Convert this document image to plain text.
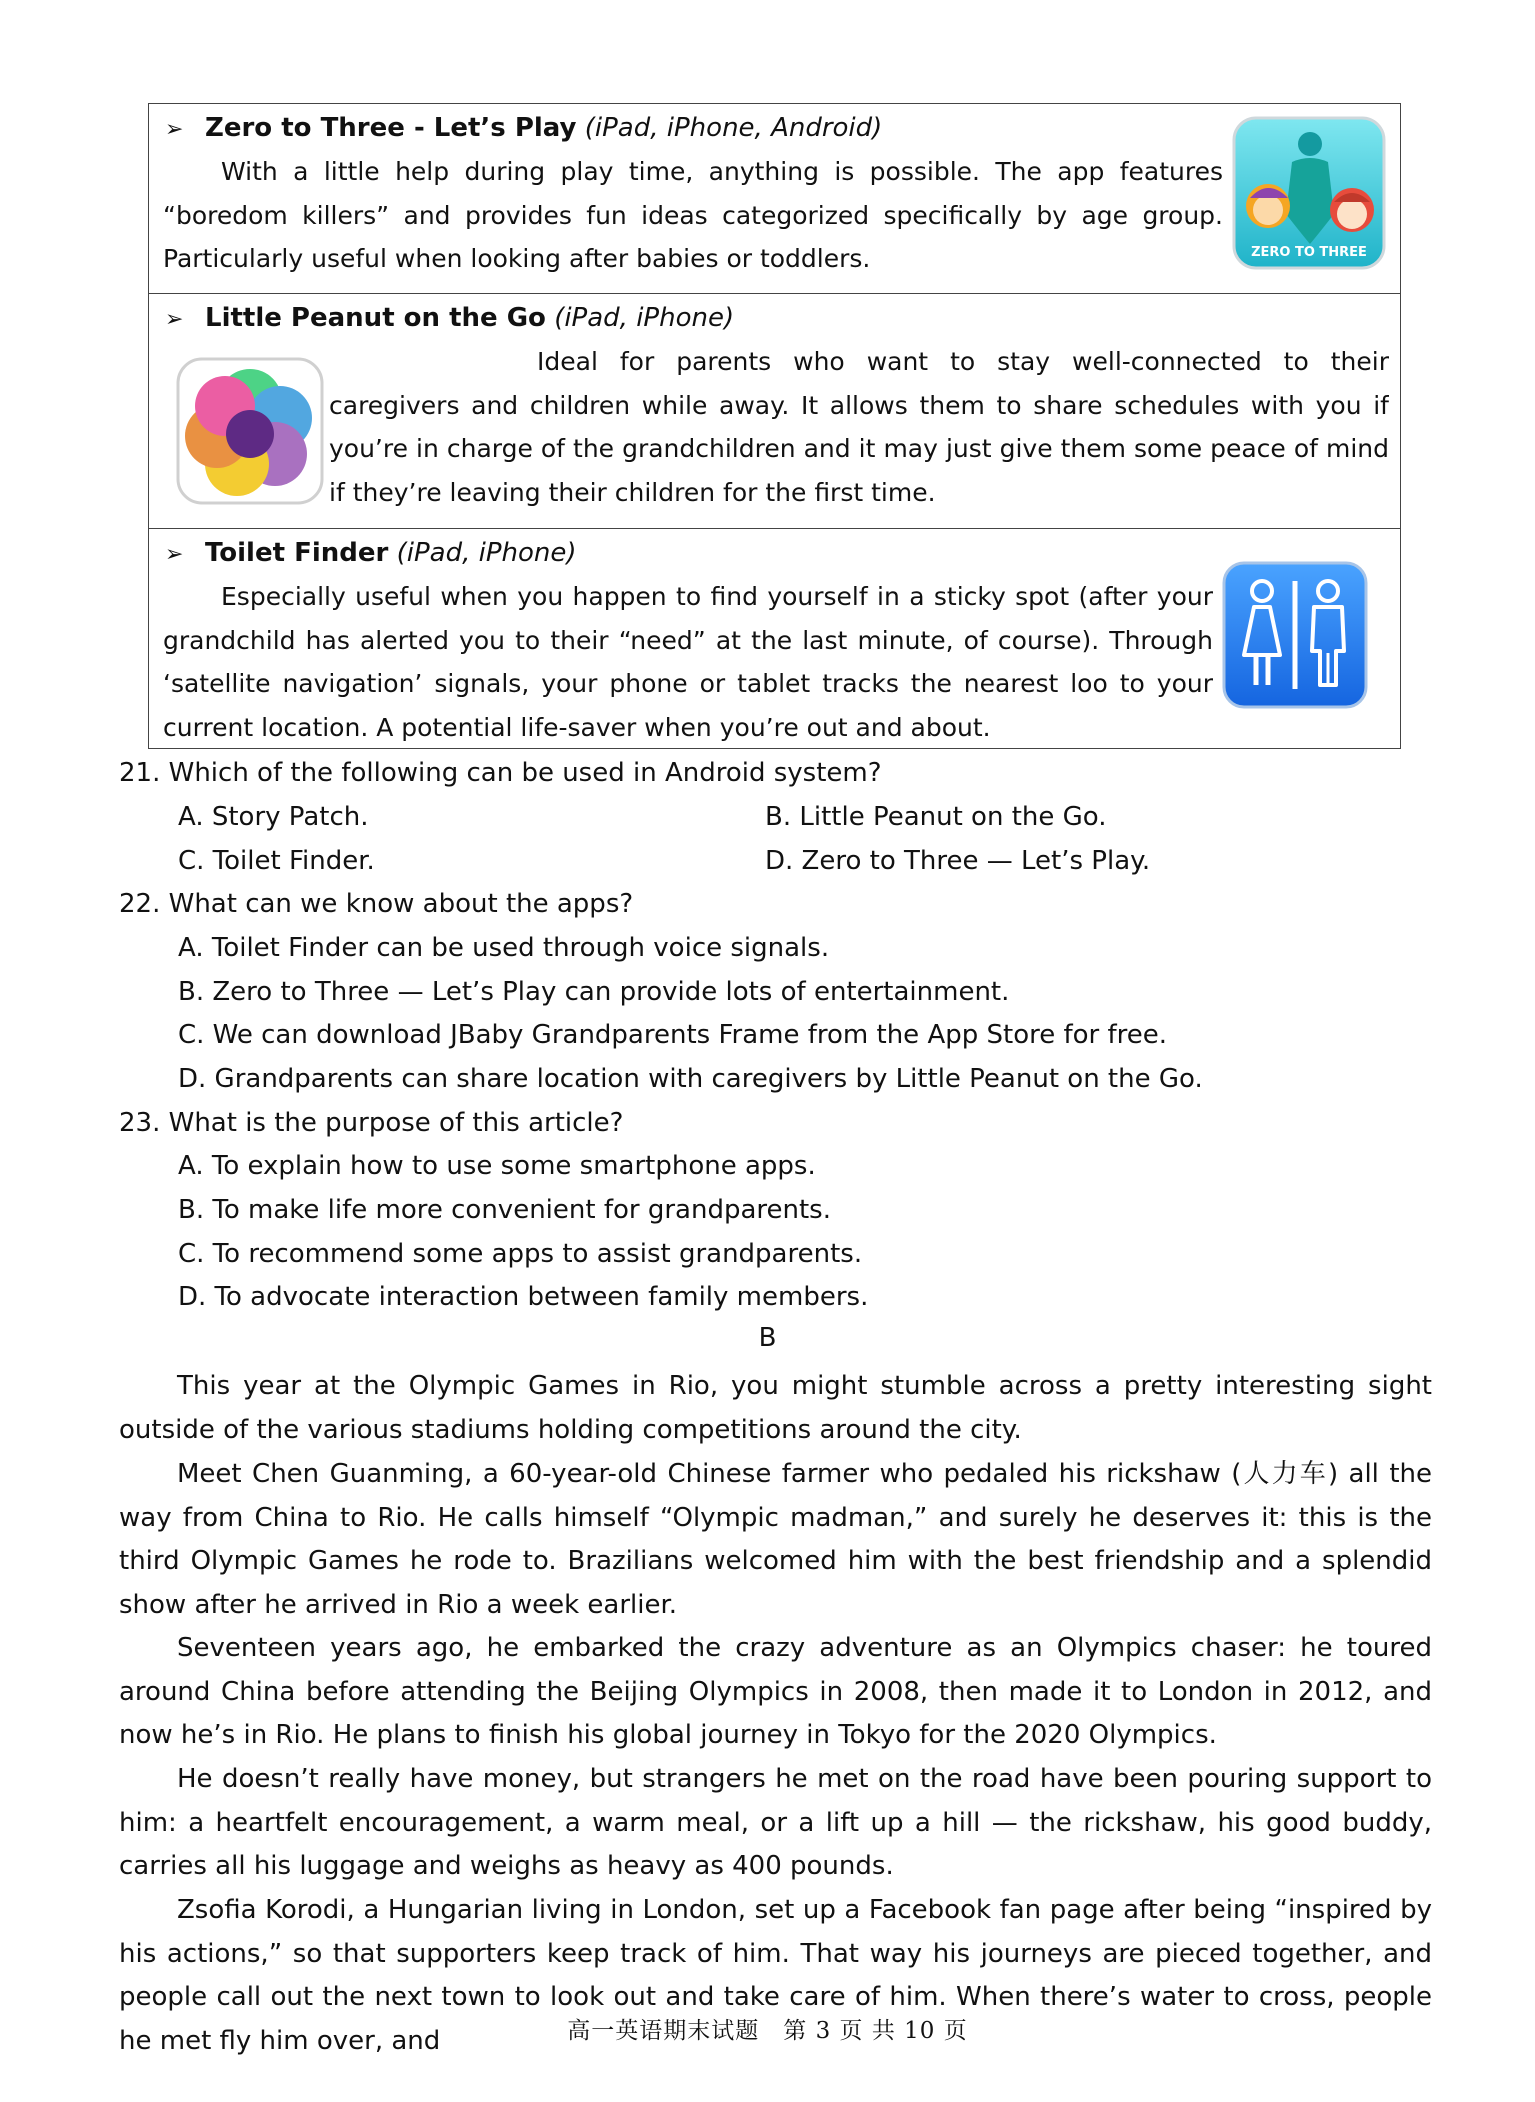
➢ Zero to Three - Let’s Play (iPad, iPhone, Android)
With a little help during play time, anything is possible. The app features “boredom killers” and provides fun ideas categorized specifically by age group. Particularly useful when looking after babies or toddlers.	ZERO TO THREE
➢ Little Peanut on the Go (iPad, iPhone)
Ideal for parents who want to stay well-connected to their caregivers and children while away. It allows them to share schedules with you if you’re in charge of the grandchildren and it may just give them some peace of mind if they’re leaving their children for the first time.
➢ Toilet Finder (iPad, iPhone)
Especially useful when you happen to find yourself in a sticky spot (after your grandchild has alerted you to their “need” at the last minute, of course). Through ‘satellite navigation’ signals, your phone or tablet tracks the nearest loo to your current location. A potential life-saver when you’re out and about.
21. Which of the following can be used in Android system?
A. Story Patch.	B. Little Peanut on the Go.
C. Toilet Finder.	D. Zero to Three — Let’s Play.
22. What can we know about the apps?
A. Toilet Finder can be used through voice signals.
B. Zero to Three — Let’s Play can provide lots of entertainment.
C. We can download JBaby Grandparents Frame from the App Store for free.
D. Grandparents can share location with caregivers by Little Peanut on the Go.
23. What is the purpose of this article?
A. To explain how to use some smartphone apps.
B. To make life more convenient for grandparents.
C. To recommend some apps to assist grandparents.
D. To advocate interaction between family members.
B
This year at the Olympic Games in Rio, you might stumble across a pretty interesting sight outside of the various stadiums holding competitions around the city.
Meet Chen Guanming, a 60-year-old Chinese farmer who pedaled his rickshaw (人力车) all the way from China to Rio. He calls himself “Olympic madman,” and surely he deserves it: this is the third Olympic Games he rode to. Brazilians welcomed him with the best friendship and a splendid show after he arrived in Rio a week earlier.
Seventeen years ago, he embarked the crazy adventure as an Olympics chaser: he toured around China before attending the Beijing Olympics in 2008, then made it to London in 2012, and now he’s in Rio. He plans to finish his global journey in Tokyo for the 2020 Olympics.
He doesn’t really have money, but strangers he met on the road have been pouring support to him: a heartfelt encouragement, a warm meal, or a lift up a hill — the rickshaw, his good buddy, carries all his luggage and weighs as heavy as 400 pounds.
Zsofia Korodi, a Hungarian living in London, set up a Facebook fan page after being “inspired by his actions,” so that supporters keep track of him. That way his journeys are pieced together, and people call out the next town to look out and take care of him. When there’s water to cross, people he met fly him over, and	高一英语期末试题　第 3 页 共 10 页
